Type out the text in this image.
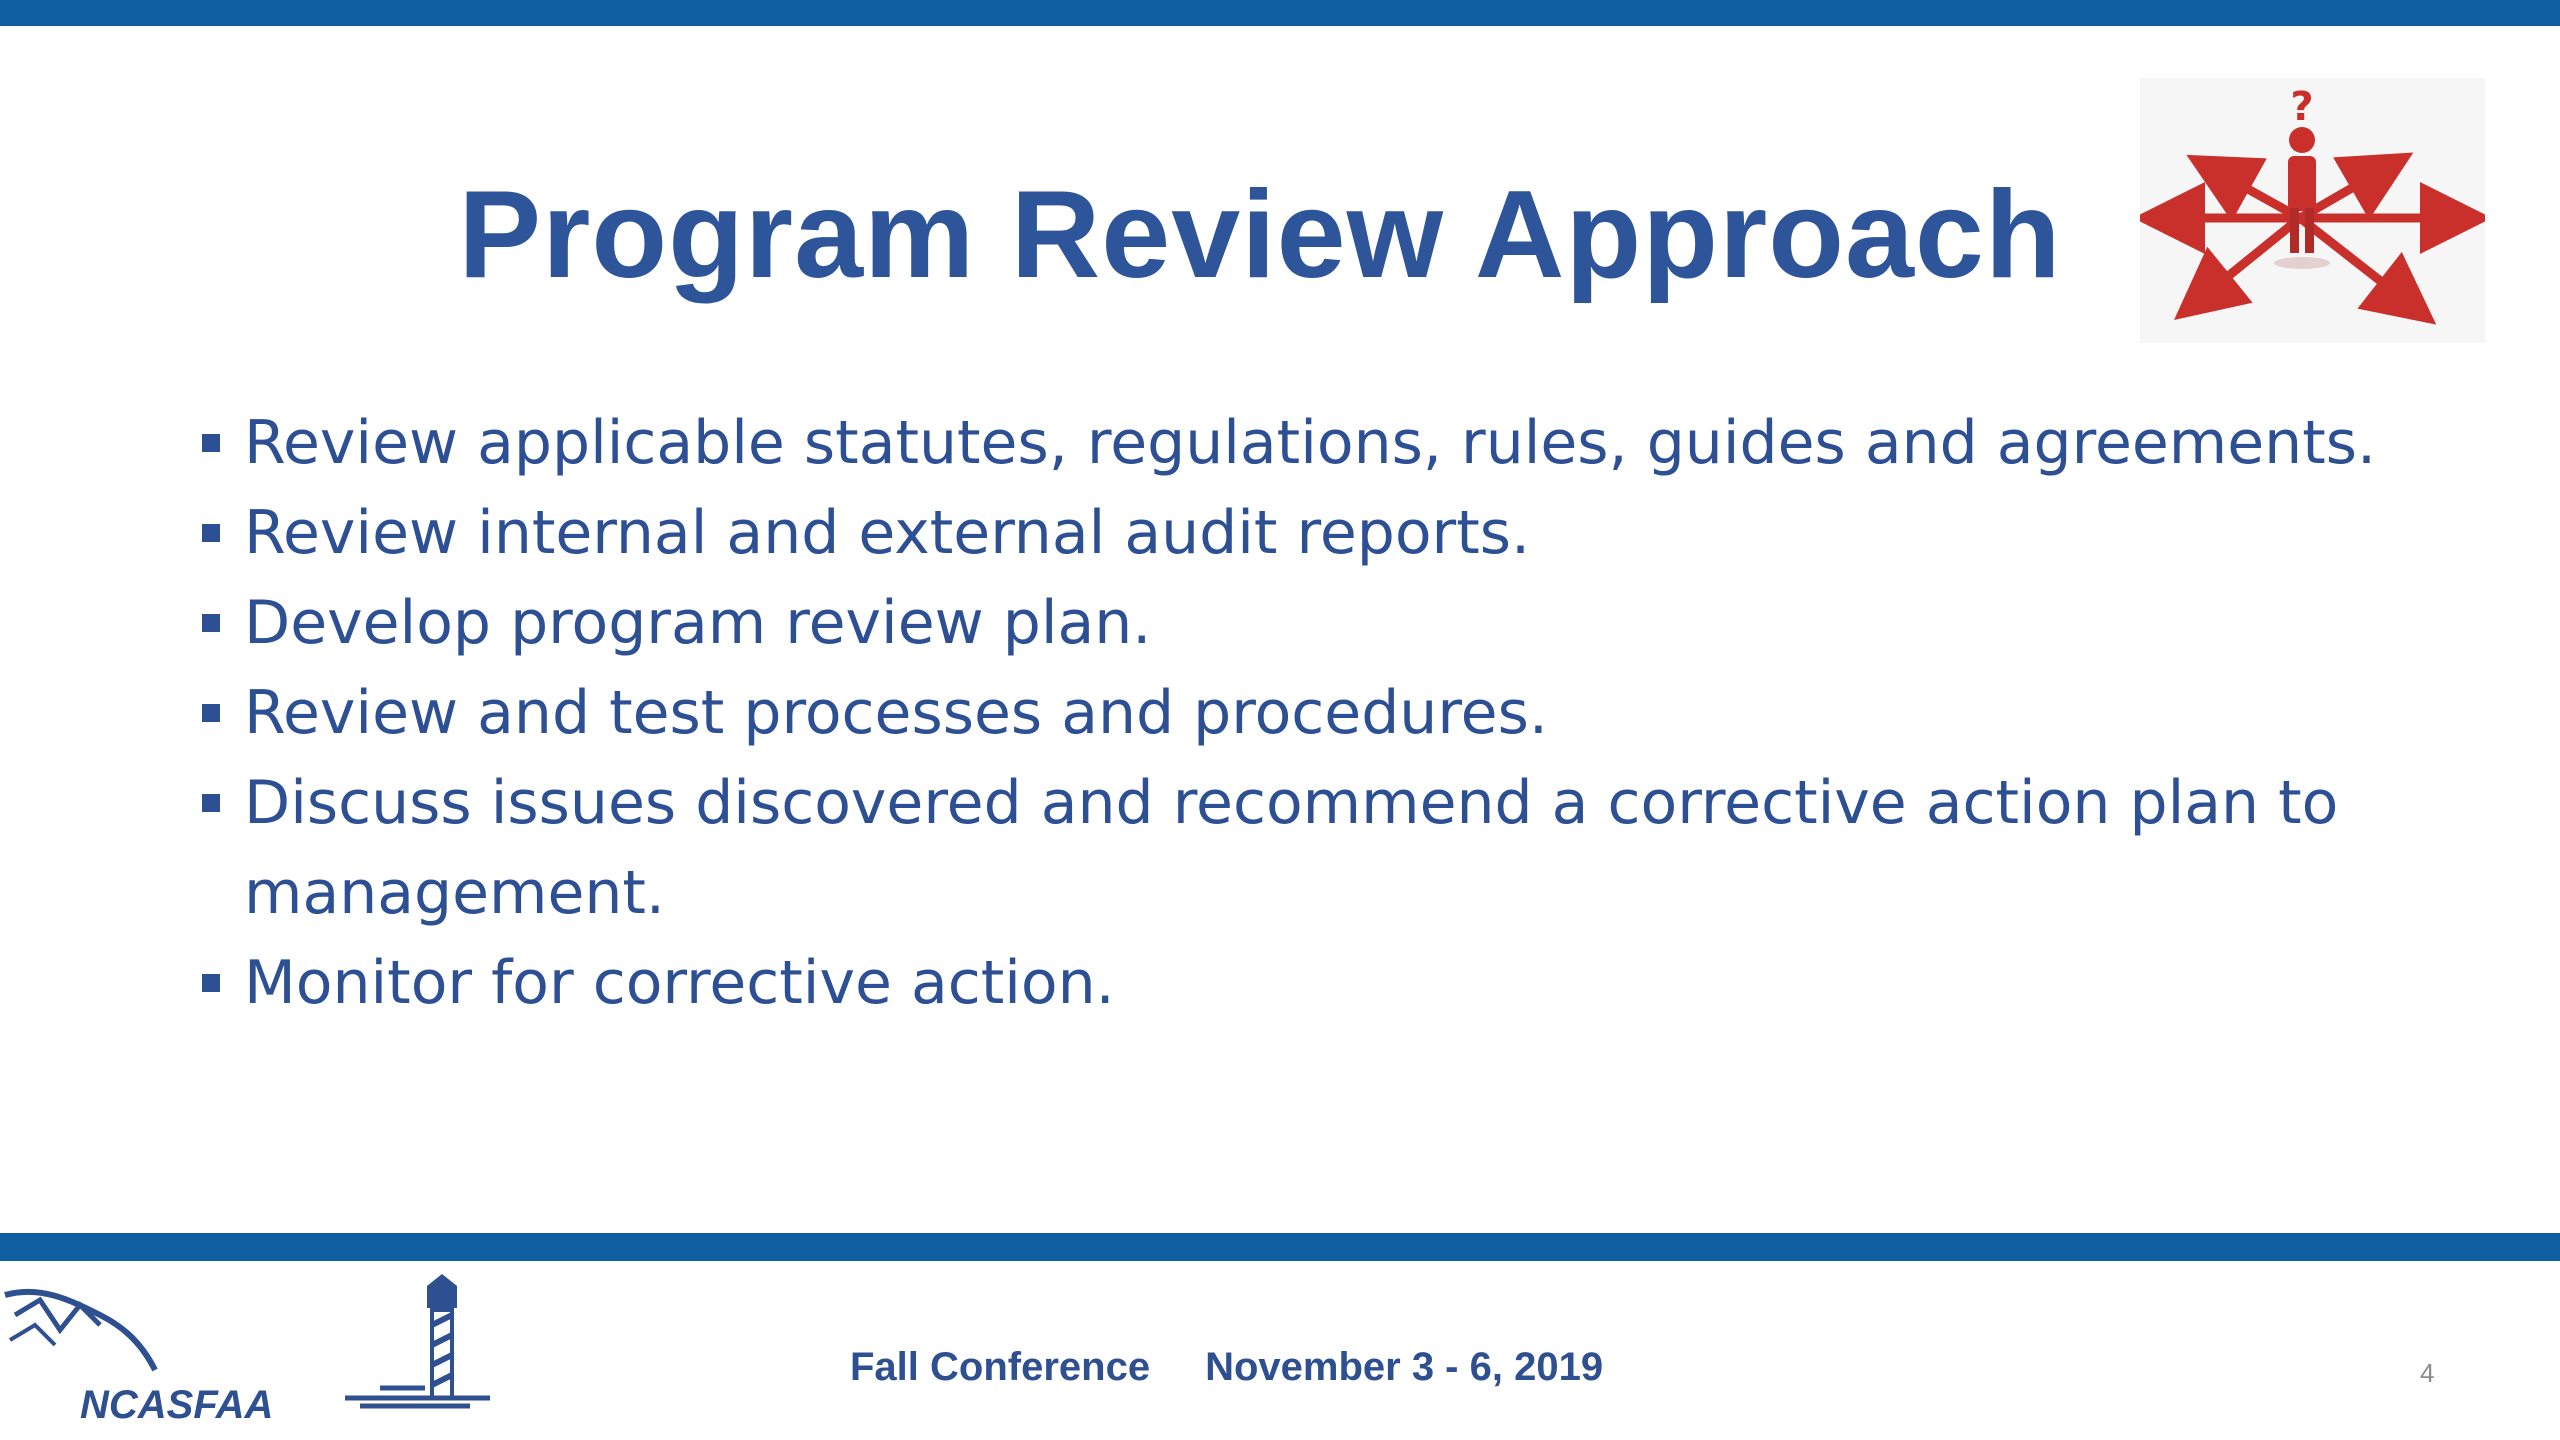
Program Review Approach
?
Review applicable statutes, regulations, rules, guides and agreements.
Review internal and external audit reports.
Develop program review plan.
Review and test processes and procedures.
Discuss issues discovered and recommend a corrective action plan to management.
Monitor for corrective action.
NCASFAA
Fall Conference November 3 - 6, 2019	4
